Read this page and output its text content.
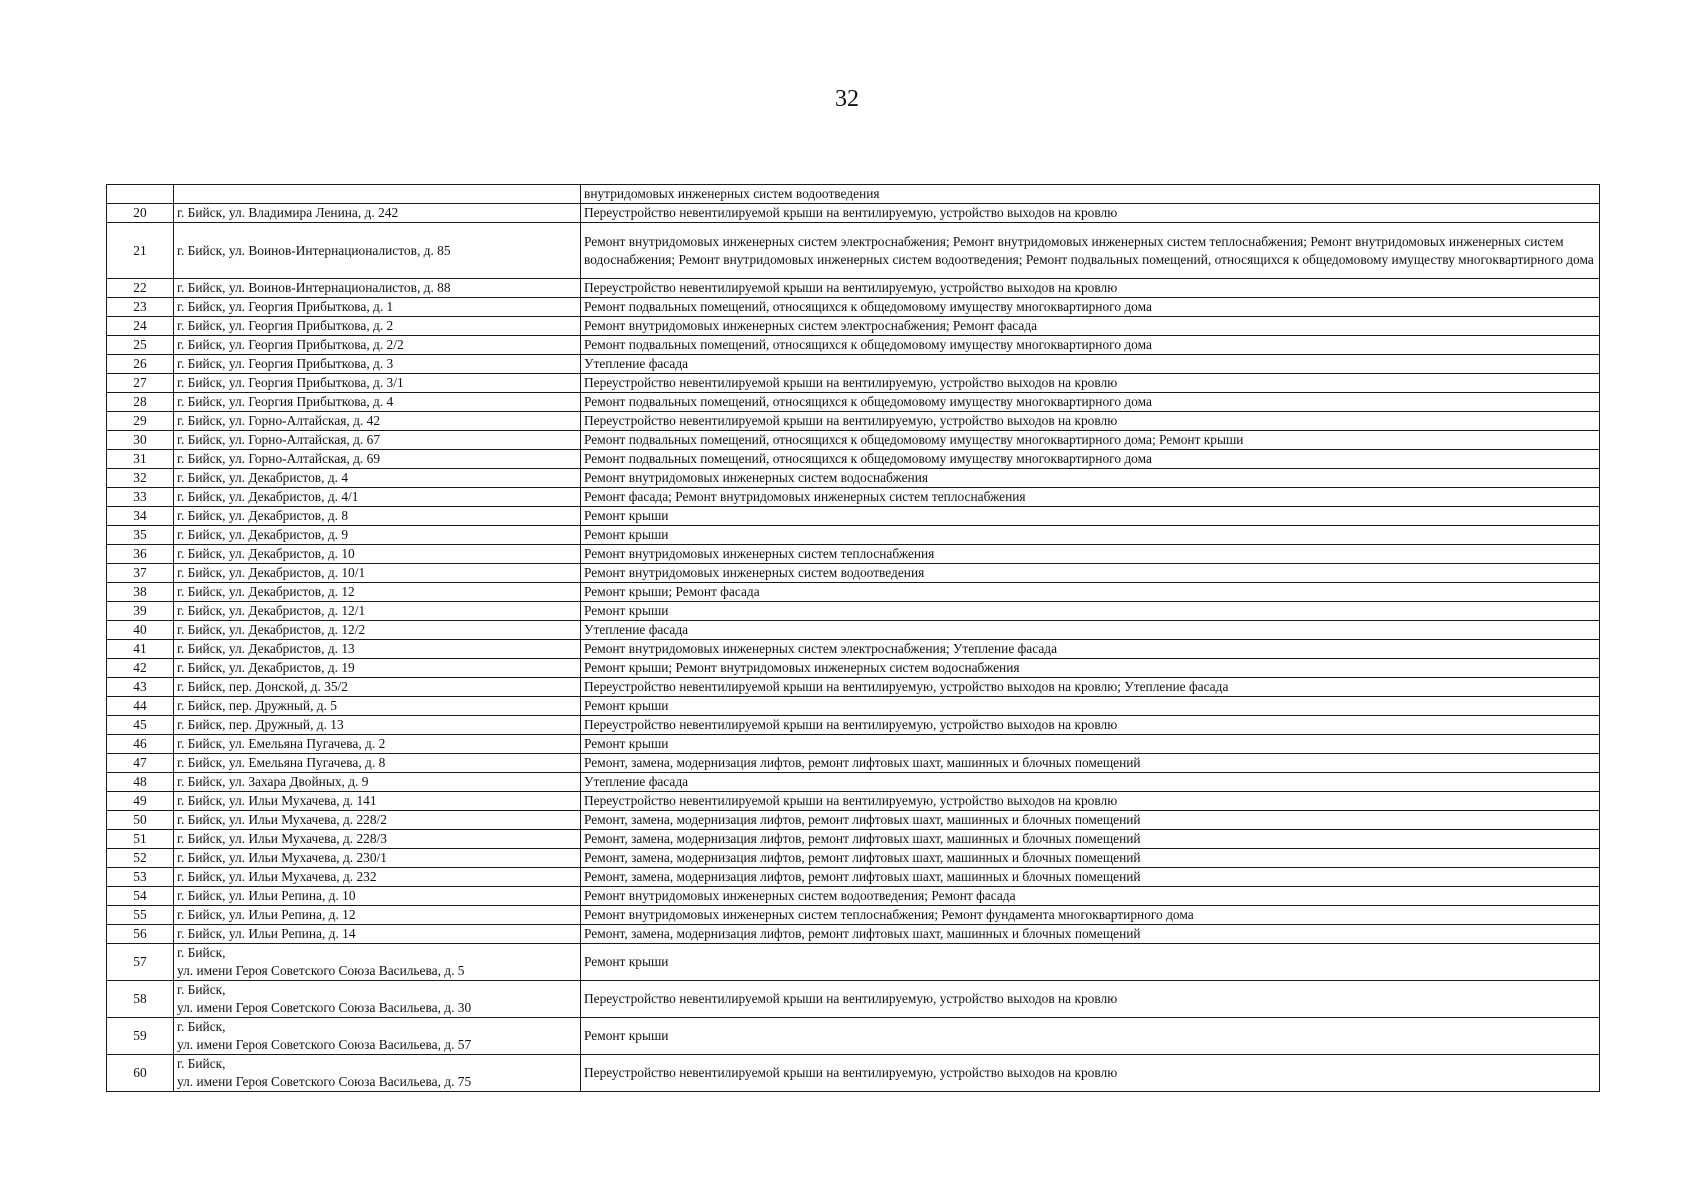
32
		внутридомовых инженерных систем водоотведения
20	г. Бийск, ул. Владимира Ленина, д. 242	Переустройство невентилируемой крыши на вентилируемую, устройство выходов на кровлю
21	г. Бийск, ул. Воинов-Интернационалистов, д. 85	Ремонт внутридомовых инженерных систем электроснабжения; Ремонт внутридомовых инженерных систем теплоснабжения; Ремонт внутридомовых инженерных систем водоснабжения; Ремонт внутридомовых инженерных систем водоотведения; Ремонт подвальных помещений, относящихся к общедомовому имуществу многоквартирного дома
22	г. Бийск, ул. Воинов-Интернационалистов, д. 88	Переустройство невентилируемой крыши на вентилируемую, устройство выходов на кровлю
23	г. Бийск, ул. Георгия Прибыткова, д. 1	Ремонт подвальных помещений, относящихся к общедомовому имуществу многоквартирного дома
24	г. Бийск, ул. Георгия Прибыткова, д. 2	Ремонт внутридомовых инженерных систем электроснабжения; Ремонт фасада
25	г. Бийск, ул. Георгия Прибыткова, д. 2/2	Ремонт подвальных помещений, относящихся к общедомовому имуществу многоквартирного дома
26	г. Бийск, ул. Георгия Прибыткова, д. 3	Утепление фасада
27	г. Бийск, ул. Георгия Прибыткова, д. 3/1	Переустройство невентилируемой крыши на вентилируемую, устройство выходов на кровлю
28	г. Бийск, ул. Георгия Прибыткова, д. 4	Ремонт подвальных помещений, относящихся к общедомовому имуществу многоквартирного дома
29	г. Бийск, ул. Горно-Алтайская, д. 42	Переустройство невентилируемой крыши на вентилируемую, устройство выходов на кровлю
30	г. Бийск, ул. Горно-Алтайская, д. 67	Ремонт подвальных помещений, относящихся к общедомовому имуществу многоквартирного дома; Ремонт крыши
31	г. Бийск, ул. Горно-Алтайская, д. 69	Ремонт подвальных помещений, относящихся к общедомовому имуществу многоквартирного дома
32	г. Бийск, ул. Декабристов, д. 4	Ремонт внутридомовых инженерных систем водоснабжения
33	г. Бийск, ул. Декабристов, д. 4/1	Ремонт фасада; Ремонт внутридомовых инженерных систем теплоснабжения
34	г. Бийск, ул. Декабристов, д. 8	Ремонт крыши
35	г. Бийск, ул. Декабристов, д. 9	Ремонт крыши
36	г. Бийск, ул. Декабристов, д. 10	Ремонт внутридомовых инженерных систем теплоснабжения
37	г. Бийск, ул. Декабристов, д. 10/1	Ремонт внутридомовых инженерных систем водоотведения
38	г. Бийск, ул. Декабристов, д. 12	Ремонт крыши; Ремонт фасада
39	г. Бийск, ул. Декабристов, д. 12/1	Ремонт крыши
40	г. Бийск, ул. Декабристов, д. 12/2	Утепление фасада
41	г. Бийск, ул. Декабристов, д. 13	Ремонт внутридомовых инженерных систем электроснабжения; Утепление фасада
42	г. Бийск, ул. Декабристов, д. 19	Ремонт крыши; Ремонт внутридомовых инженерных систем водоснабжения
43	г. Бийск, пер. Донской, д. 35/2	Переустройство невентилируемой крыши на вентилируемую, устройство выходов на кровлю; Утепление фасада
44	г. Бийск, пер. Дружный, д. 5	Ремонт крыши
45	г. Бийск, пер. Дружный, д. 13	Переустройство невентилируемой крыши на вентилируемую, устройство выходов на кровлю
46	г. Бийск, ул. Емельяна Пугачева, д. 2	Ремонт крыши
47	г. Бийск, ул. Емельяна Пугачева, д. 8	Ремонт, замена, модернизация лифтов, ремонт лифтовых шахт, машинных и блочных помещений
48	г. Бийск, ул. Захара Двойных, д. 9	Утепление фасада
49	г. Бийск, ул. Ильи Мухачева, д. 141	Переустройство невентилируемой крыши на вентилируемую, устройство выходов на кровлю
50	г. Бийск, ул. Ильи Мухачева, д. 228/2	Ремонт, замена, модернизация лифтов, ремонт лифтовых шахт, машинных и блочных помещений
51	г. Бийск, ул. Ильи Мухачева, д. 228/3	Ремонт, замена, модернизация лифтов, ремонт лифтовых шахт, машинных и блочных помещений
52	г. Бийск, ул. Ильи Мухачева, д. 230/1	Ремонт, замена, модернизация лифтов, ремонт лифтовых шахт, машинных и блочных помещений
53	г. Бийск, ул. Ильи Мухачева, д. 232	Ремонт, замена, модернизация лифтов, ремонт лифтовых шахт, машинных и блочных помещений
54	г. Бийск, ул. Ильи Репина, д. 10	Ремонт внутридомовых инженерных систем водоотведения; Ремонт фасада
55	г. Бийск, ул. Ильи Репина, д. 12	Ремонт внутридомовых инженерных систем теплоснабжения; Ремонт фундамента многоквартирного дома
56	г. Бийск, ул. Ильи Репина, д. 14	Ремонт, замена, модернизация лифтов, ремонт лифтовых шахт, машинных и блочных помещений
57	г. Бийск,
ул. имени Героя Советского Союза Васильева, д. 5	Ремонт крыши
58	г. Бийск,
ул. имени Героя Советского Союза Васильева, д. 30	Переустройство невентилируемой крыши на вентилируемую, устройство выходов на кровлю
59	г. Бийск,
ул. имени Героя Советского Союза Васильева, д. 57	Ремонт крыши
60	г. Бийск,
ул. имени Героя Советского Союза Васильева, д. 75	Переустройство невентилируемой крыши на вентилируемую, устройство выходов на кровлю
